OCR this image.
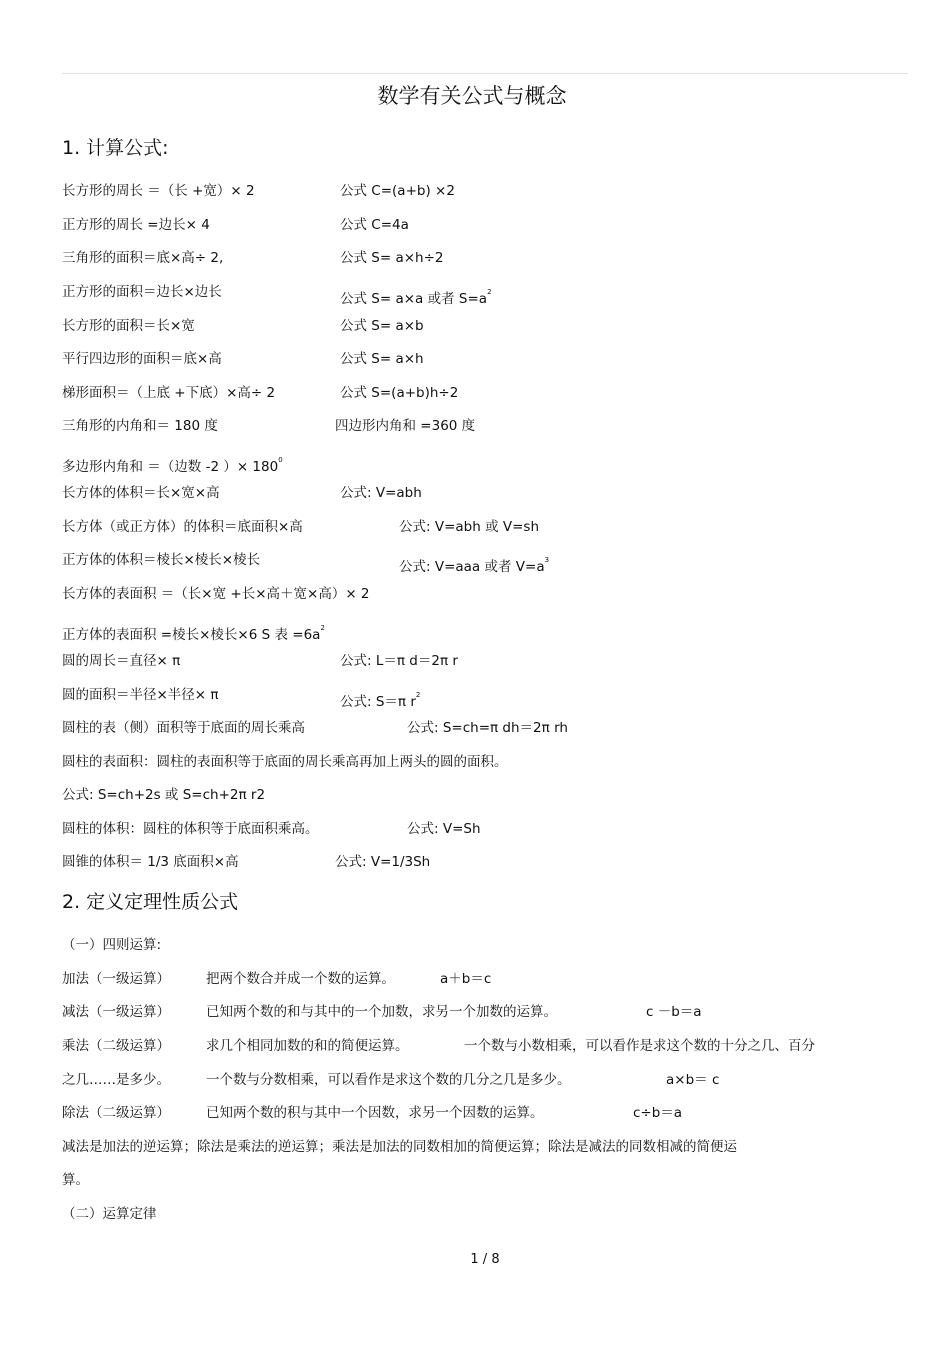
数学有关公式与概念
1. 计算公式:
长方形的周长 ＝（长 +宽）× 2	公式 C=(a+b) ×2
正方形的周长 =边长× 4	公式 C=4a
三角形的面积＝底×高÷ 2,	公式 S= a×h÷2
正方形的面积＝边长×边长	公式 S= a×a 或者 $S=a^2$
长方形的面积＝长×宽	公式 S= a×b
平行四边形的面积＝底×高	公式 S= a×h
梯形面积＝（上底 +下底）×高÷ 2	公式 S=(a+b)h÷2
三角形的内角和＝ 180 度	四边形内角和 =360 度
多边形内角和 ＝（边数 -2 ）× $180^0$
长方体的体积＝长×宽×高	公式: V=abh
长方体（或正方体）的体积＝底面积×高	公式: V=abh 或 V=sh
正方体的体积＝棱长×棱长×棱长	公式: V=aaa 或者 $V=a^3$
长方体的表面积 ＝（长×宽 +长×高＋宽×高）× 2
正方体的表面积 =棱长×棱长×6 S 表 $=6a^2$
圆的周长＝直径× π	公式: L＝π d＝2π r
圆的面积＝半径×半径× π	公式: S＝π $r^2$
圆柱的表（侧）面积等于底面的周长乘高	公式: S=ch=π dh＝2π rh
圆柱的表面积：圆柱的表面积等于底面的周长乘高再加上两头的圆的面积。
公式: S=ch+2s 或 S=ch+2π r2
圆柱的体积：圆柱的体积等于底面积乘高。	公式: V=Sh
圆锥的体积＝ 1/3 底面积×高	公式: V=1/3Sh
2. 定义定理性质公式
（一）四则运算:
加法（一级运算）	把两个数合并成一个数的运算。	a＋b＝c
减法（一级运算）	已知两个数的和与其中的一个加数，求另一个加数的运算。	c －b＝a
乘法（二级运算）	求几个相同加数的和的简便运算。	一个数与小数相乘，可以看作是求这个数的十分之几、百分
之几……是多少。	一个数与分数相乘，可以看作是求这个数的几分之几是多少。	a×b＝ c
除法（二级运算）	已知两个数的积与其中一个因数，求另一个因数的运算。	c÷b＝a
减法是加法的逆运算；除法是乘法的逆运算；乘法是加法的同数相加的简便运算；除法是减法的同数相减的简便运
算。
（二）运算定律
1 / 8
